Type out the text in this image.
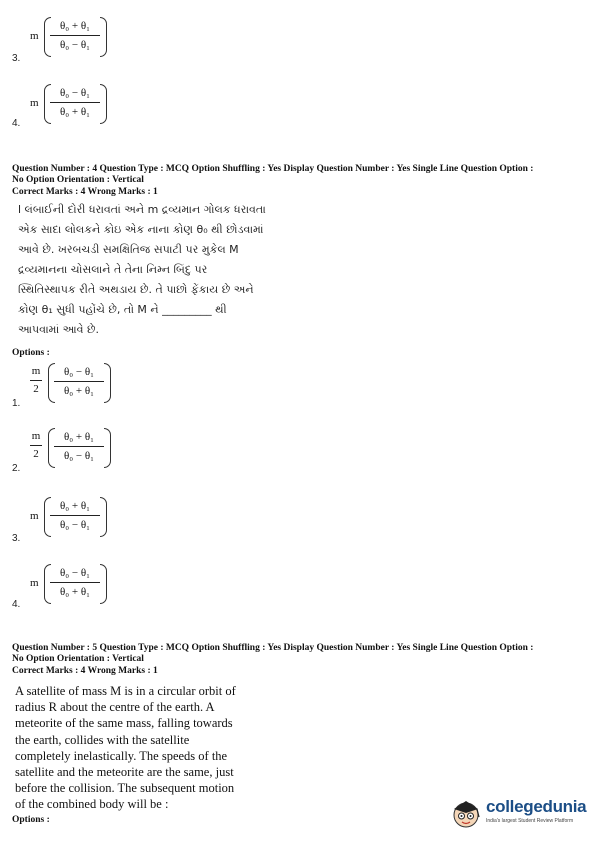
m
θ₀ + θ₁
θ₀ − θ₁
3.
m
θ₀ − θ₁
θ₀ + θ₁
4.
Question Number : 4 Question Type : MCQ Option Shuffling : Yes Display Question Number : Yes Single Line Question Option :
No Option Orientation : Vertical
Correct Marks : 4 Wrong Marks : 1

l લંબાઈની દોરી ધરાવતાં અને m દ્રવ્યમાન ગોલક ધરાવતા

એક સાદા લોલકને કોઇ એક નાના કોણ θ₀ થી છોડવામાં

આવે છે. ખરબચડી સમક્ષિતિજ સપાટી પર મુકેલ M

દ્રવ્યમાનના ચોસલાને તે તેના નિમ્ન બિંદુ પર

સ્થિતિસ્થાપક રીતે અથડાય છે. તે પાછો ફેંકાય છે અને

કોણ θ₁ સુધી પહોંચે છે, તો M ને _________ થી

આપવામાં આવે છે.

Options :
m
2
θ₀ − θ₁
θ₀ + θ₁
1.
m
2
θ₀ + θ₁
θ₀ − θ₁
2.
m
θ₀ + θ₁
θ₀ − θ₁
3.
m
θ₀ − θ₁
θ₀ + θ₁
4.
Question Number : 5 Question Type : MCQ Option Shuffling : Yes Display Question Number : Yes Single Line Question Option :
No Option Orientation : Vertical
Correct Marks : 4 Wrong Marks : 1

A satellite of mass M is in a circular orbit of

radius R about the centre of the earth. A

meteorite of the same mass, falling towards

the earth, collides with the satellite

completely inelastically. The speeds of the

satellite and the meteorite are the same, just

before the collision. The subsequent motion

of the combined body will be :

Options :
collegedunia
India's largest Student Review Platform
